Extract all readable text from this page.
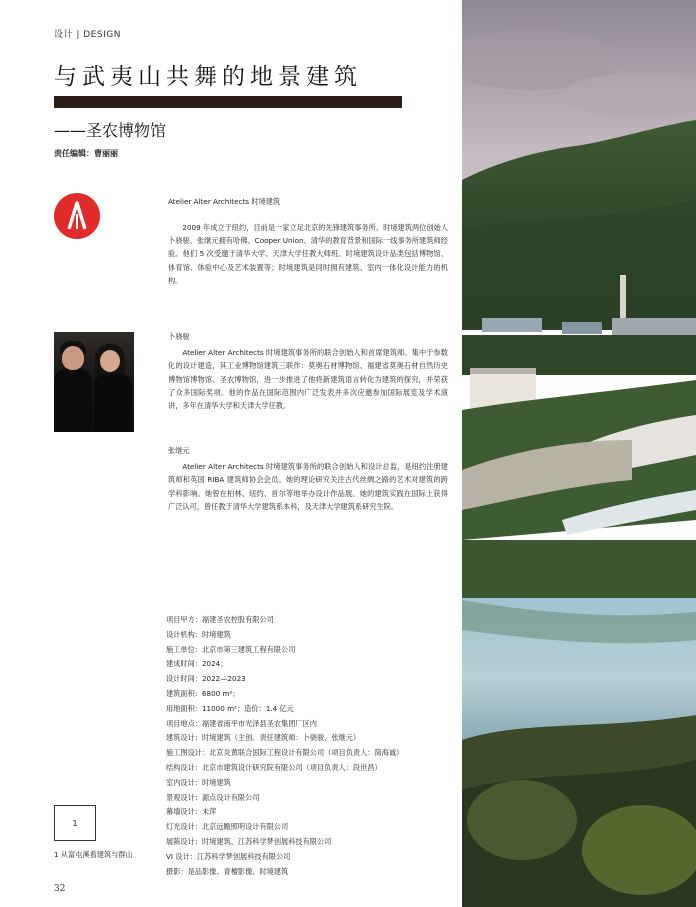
设计 | DESIGN
与武夷山共舞的地景建筑
——圣农博物馆
责任编辑：曹丽丽
Atelier Alter Architects 时境建筑

2009 年成立于纽约，目前是一家立足北京的先锋建筑事务所。时境建筑两位创始人卜骁骏、张继元拥有哈佛、Cooper Union、清华的教育背景和国际一线事务所建筑师经验。他们 5 次受邀于清华大学、天津大学任教大师班。时境建筑设计品类包括博物馆、体育馆、体验中心及艺术装置等；时境建筑是同时拥有建筑、室内一体化设计能力的机构。

卜骁骏

Atelier Alter Architects 时境建筑事务所的联合创始人和首席建筑师。集中于参数化的设计建造，其工业博物馆建筑三联作：莫奥石材博物馆、福建省莫奥石材自然历史博物馆博物馆、圣农博物馆，进一步推进了他将新建筑语言转化为建筑的探究，并荣获了众多国际奖项。他的作品在国际范围内广泛发表并多次应邀参加国际展览及学术演讲，多年在清华大学和天津大学任教。

张继元

Atelier Alter Architects 时境建筑事务所的联合创始人和设计总监，是纽约注册建筑师和英国 RIBA 建筑师协会会员。她的理论研究关注古代丝绸之路的艺术对建筑的跨学科影响。她曾在柏林、纽约、首尔等地举办设计作品展。她的建筑实践在国际上获得广泛认可，曾任教于清华大学建筑系本科，及天津大学建筑系研究生院。

项目甲方：福建圣农控股有限公司
设计机构：时境建筑
施工单位：北京市第三建筑工程有限公司
建成时间：2024；
设计时间：2022—2023
建筑面积：6800 m²；
用地面积：11000 m²；造价：1.4 亿元
项目地点：福建省南平市光泽县圣农集团厂区内
建筑设计：时境建筑（主创、责任建筑师：卜骁骏、张继元）
施工图设计：北京炎黄联合国际工程设计有限公司（项目负责人：简海诚）
结构设计：北京市建筑设计研究院有限公司（项目负责人：段世昌）
室内设计：时境建筑
景观设计：源点设计有限公司
幕墙设计：未萍
灯光设计：北京远瞻照明设计有限公司
展陈设计：时境建筑、江苏科学梦创展科技有限公司
VI 设计：江苏科学梦创展科技有限公司
摄影：是品影像、青檀影像、时境建筑
1
1 从富屯溪看建筑与群山
32
